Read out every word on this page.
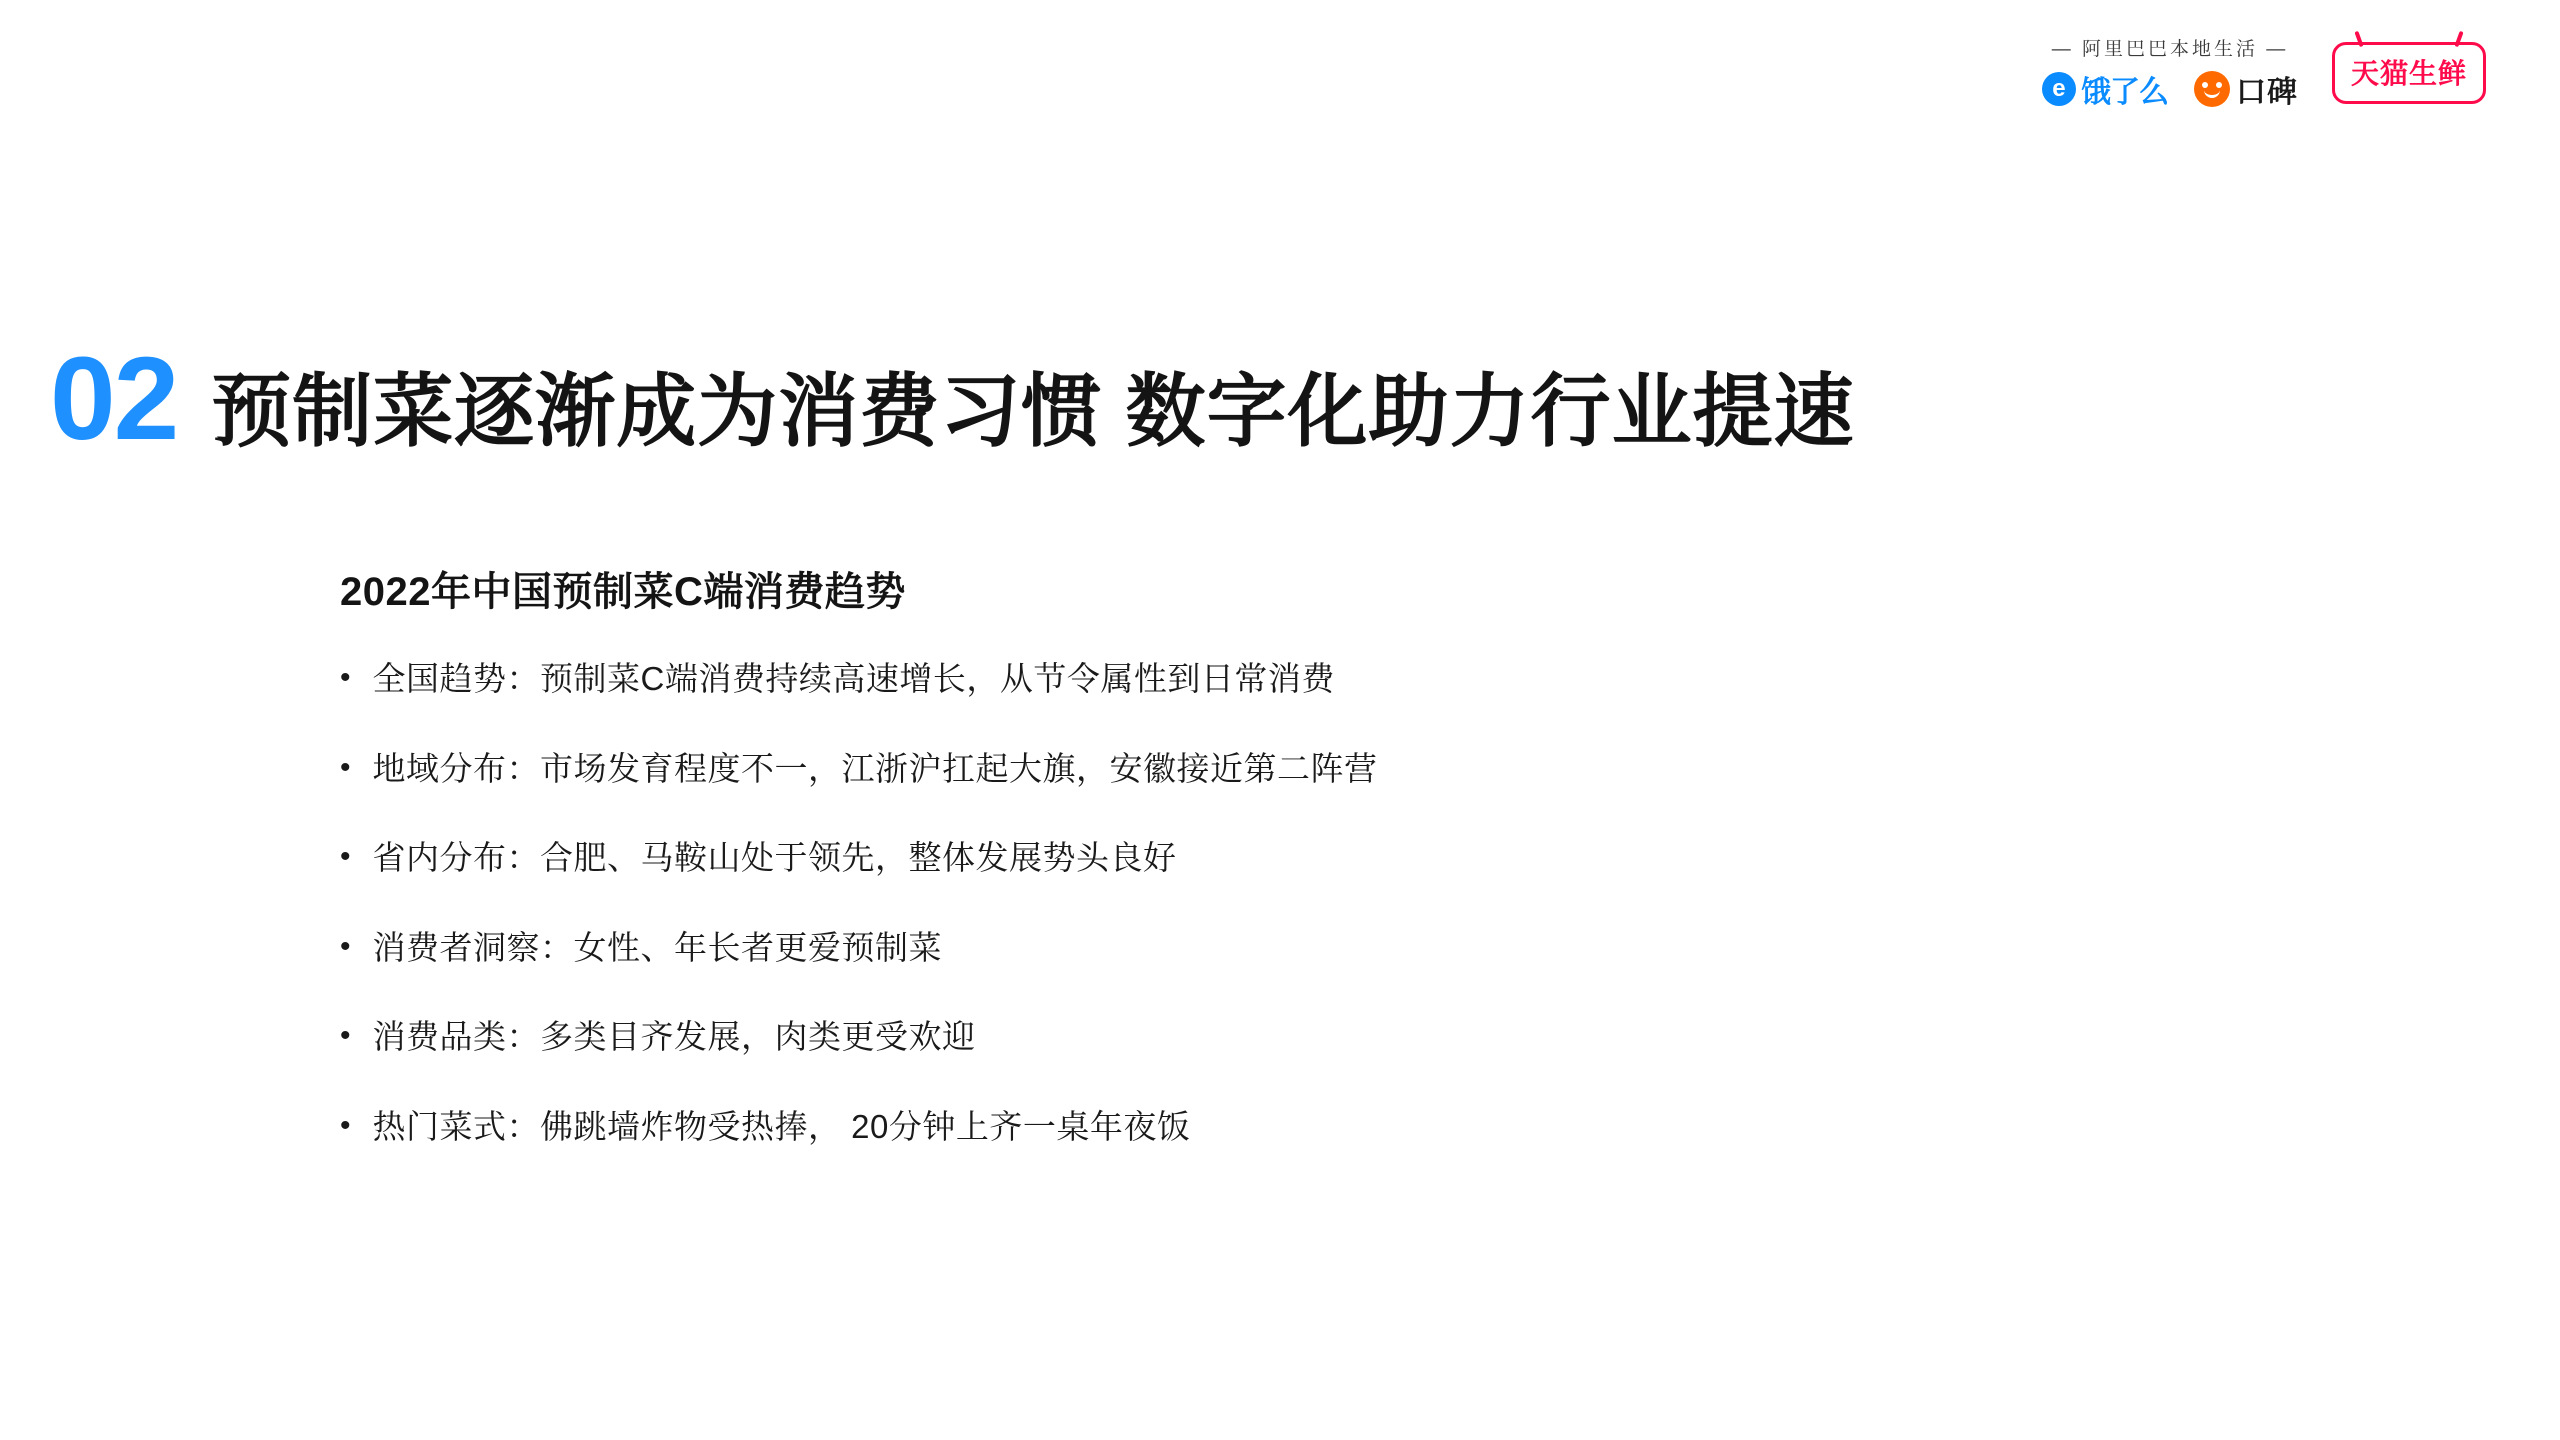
— 阿里巴巴本地生活 —
e 饿了么 口碑
天猫生鲜
02 预制菜逐渐成为消费习惯 数字化助力行业提速
2022年中国预制菜C端消费趋势
• 全国趋势：预制菜C端消费持续高速增长，从节令属性到日常消费
• 地域分布：市场发育程度不一，江浙沪扛起大旗，安徽接近第二阵营
• 省内分布：合肥、马鞍山处于领先，整体发展势头良好
• 消费者洞察：女性、年长者更爱预制菜
• 消费品类：多类目齐发展，肉类更受欢迎
• 热门菜式：佛跳墙炸物受热捧， 20分钟上齐一桌年夜饭
